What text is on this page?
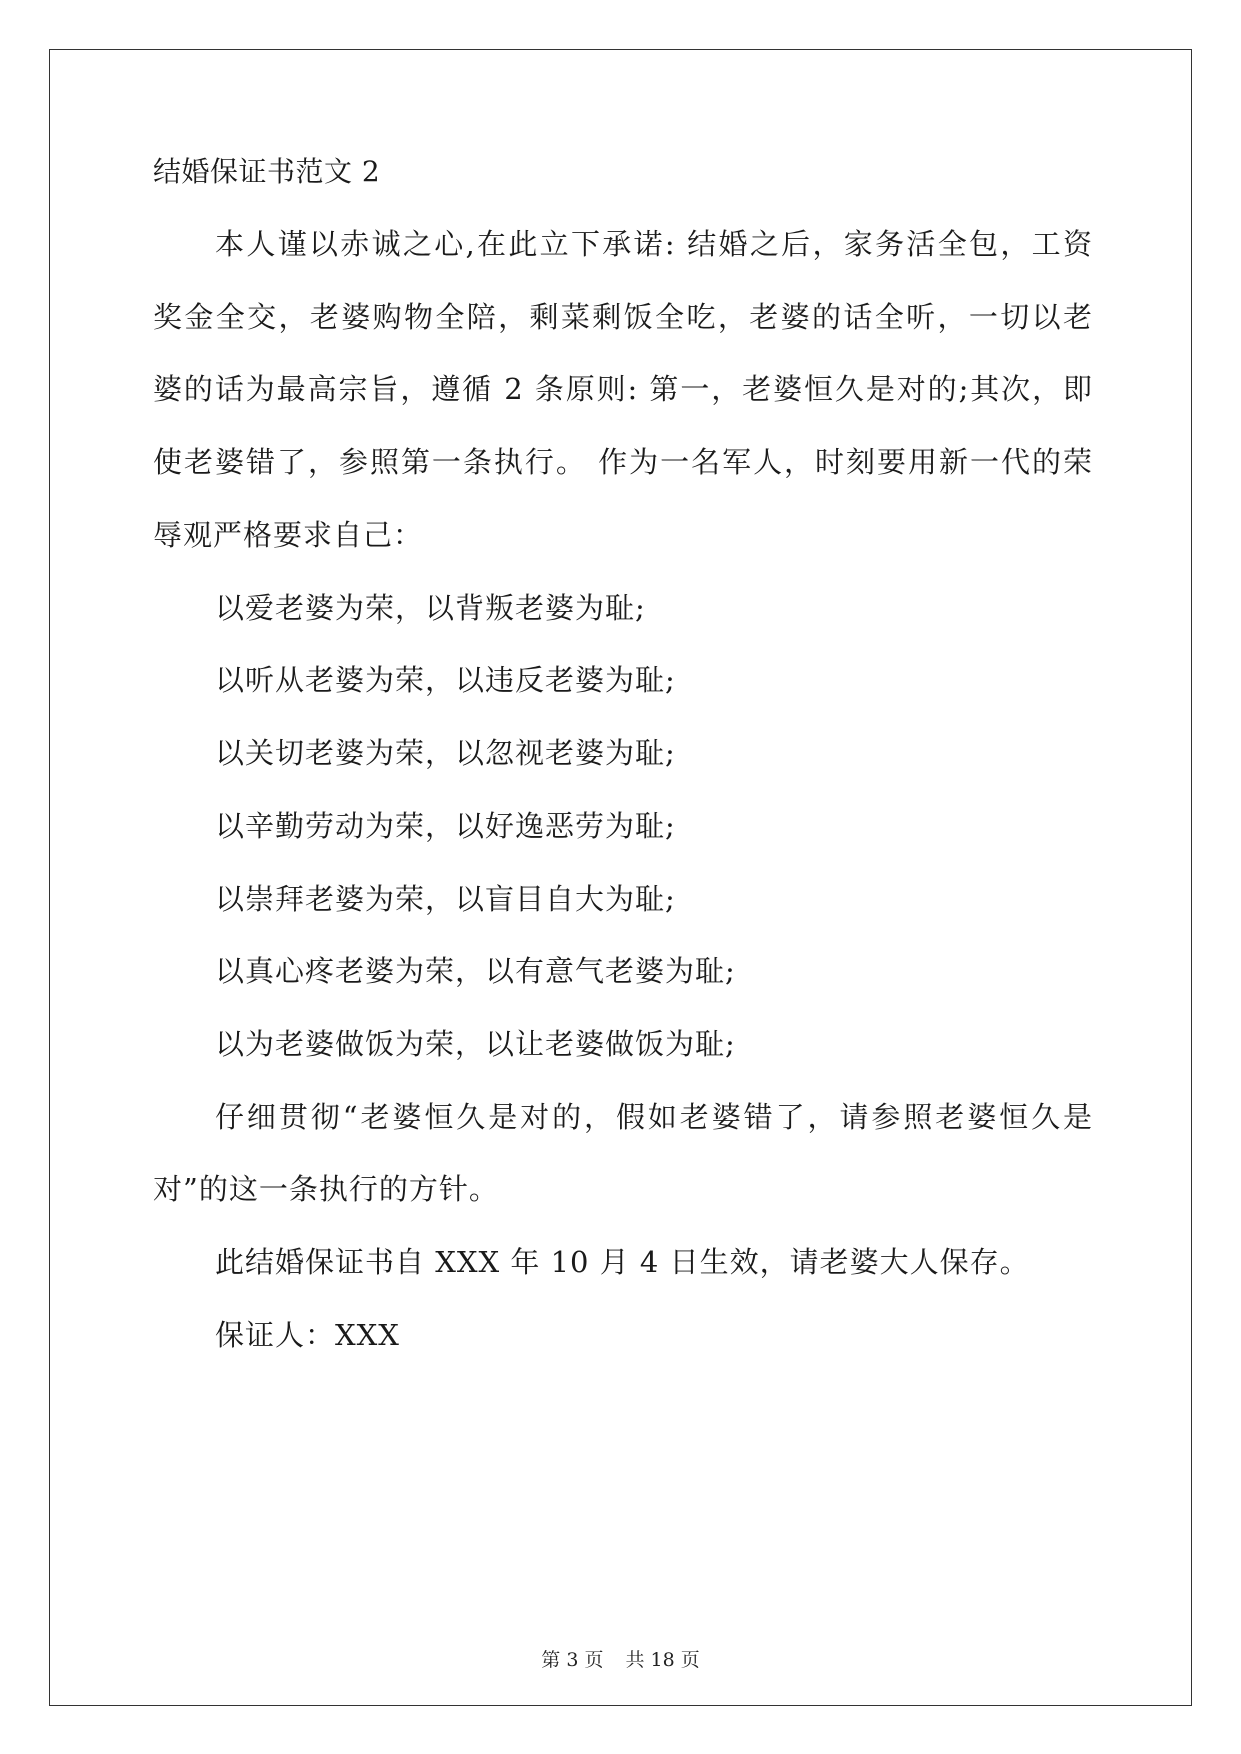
结婚保证书范文 2
本人谨以赤诚之心,在此立下承诺: 结婚之后，家务活全包，工资
奖金全交，老婆购物全陪，剩菜剩饭全吃，老婆的话全听，一切以老
婆的话为最高宗旨，遵循 2 条原则: 第一，老婆恒久是对的;其次，即
使老婆错了，参照第一条执行。 作为一名军人，时刻要用新一代的荣
辱观严格要求自己：
以爱老婆为荣，以背叛老婆为耻;
以听从老婆为荣，以违反老婆为耻;
以关切老婆为荣，以忽视老婆为耻;
以辛勤劳动为荣，以好逸恶劳为耻;
以崇拜老婆为荣，以盲目自大为耻;
以真心疼老婆为荣，以有意气老婆为耻;
以为老婆做饭为荣，以让老婆做饭为耻;
仔细贯彻“老婆恒久是对的，假如老婆错了，请参照老婆恒久是
对”的这一条执行的方针。
此结婚保证书自 XXX 年 10 月 4 日生效，请老婆大人保存。
保证人：XXX
第 3 页 共 18 页
